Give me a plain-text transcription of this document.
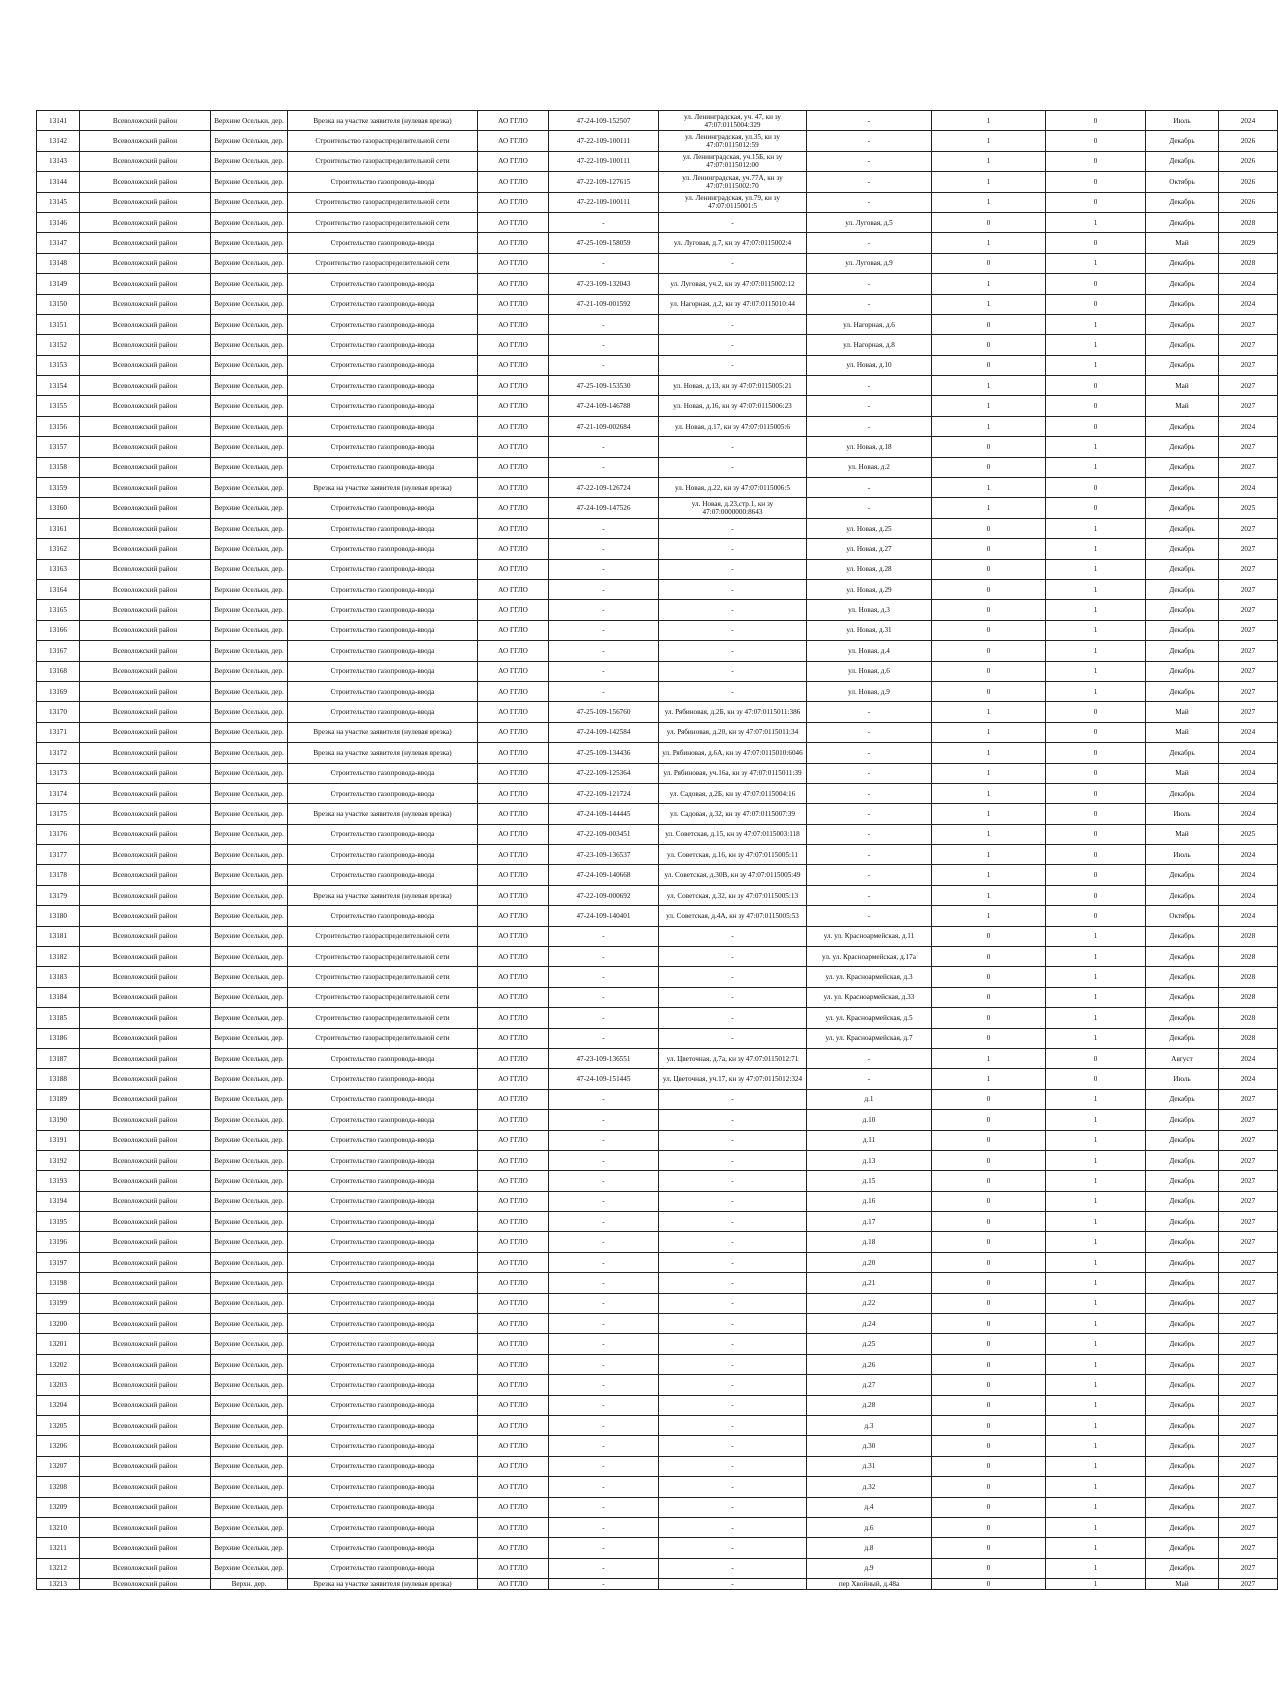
13141	Всеволожский район	Верхние Осельки, дер.	Врезка на участке заявителя (нулевая врезка)	АО ГГЛО	47-24-109-152507	ул. Ленинградская, уч. 47, кн зу 47:07:0115004:329	-	1	0	Июль	2024
13142	Всеволожский район	Верхние Осельки, дер.	Строительство газораспределительной сети	АО ГГЛО	47-22-109-100111	ул. Ленинградская, ул.35, кн зу 47:07:0115012:59	-	1	0	Декабрь	2026
13143	Всеволожский район	Верхние Осельки, дер.	Строительство газораспределительной сети	АО ГГЛО	47-22-109-100111	ул. Ленинградская, уч.15Б, кн зу 47:07:0115012:00	-	1	0	Декабрь	2026
13144	Всеволожский район	Верхние Осельки, дер.	Строительство газопровода-ввода	АО ГГЛО	47-22-109-127615	ул. Ленинградская, уч.77А, кн зу 47:07:0115002:70	-	1	0	Октябрь	2026
13145	Всеволожский район	Верхние Осельки, дер.	Строительство газораспределительной сети	АО ГГЛО	47-22-109-100111	ул. Ленинградская, ул.79, кн зу 47:07:0115001:5	-	1	0	Декабрь	2026
13146	Всеволожский район	Верхние Осельки, дер.	Строительство газораспределительной сети	АО ГГЛО	-	-	ул. Луговая, д.5	0	1	Декабрь	2028
13147	Всеволожский район	Верхние Осельки, дер.	Строительство газопровода-ввода	АО ГГЛО	47-25-109-158059	ул. Луговая, д.7, кн зу 47:07:0115002:4	-	1	0	Май	2029
13148	Всеволожский район	Верхние Осельки, дер.	Строительство газораспределительной сети	АО ГГЛО	-	-	ул. Луговая, д.9	0	1	Декабрь	2028
13149	Всеволожский район	Верхние Осельки, дер.	Строительство газопровода-ввода	АО ГГЛО	47-23-109-132043	ул. Луговая, уч.2, кн зу 47:07:0115002:12	-	1	0	Декабрь	2024
13150	Всеволожский район	Верхние Осельки, дер.	Строительство газопровода-ввода	АО ГГЛО	47-21-109-001592	ул. Нагорная, д.2, кн зу 47:07:0115010:44	-	1	0	Декабрь	2024
13151	Всеволожский район	Верхние Осельки, дер.	Строительство газопровода-ввода	АО ГГЛО	-	-	ул. Нагорная, д.6	0	1	Декабрь	2027
13152	Всеволожский район	Верхние Осельки, дер.	Строительство газопровода-ввода	АО ГГЛО	-	-	ул. Нагорная, д.8	0	1	Декабрь	2027
13153	Всеволожский район	Верхние Осельки, дер.	Строительство газопровода-ввода	АО ГГЛО	-	-	ул. Новая, д.10	0	1	Декабрь	2027
13154	Всеволожский район	Верхние Осельки, дер.	Строительство газопровода-ввода	АО ГГЛО	47-25-109-153530	ул. Новая, д.13, кн зу 47:07:0115005:21	-	1	0	Май	2027
13155	Всеволожский район	Верхние Осельки, дер.	Строительство газопровода-ввода	АО ГГЛО	47-24-109-146788	ул. Новая, д.16, кн зу 47:07:0115006:23	-	1	0	Май	2027
13156	Всеволожский район	Верхние Осельки, дер.	Строительство газопровода-ввода	АО ГГЛО	47-21-109-002684	ул. Новая, д.17, кн зу 47:07:0115005:6	-	1	0	Декабрь	2024
13157	Всеволожский район	Верхние Осельки, дер.	Строительство газопровода-ввода	АО ГГЛО	-	-	ул. Новая, д.18	0	1	Декабрь	2027
13158	Всеволожский район	Верхние Осельки, дер.	Строительство газопровода-ввода	АО ГГЛО	-	-	ул. Новая, д.2	0	1	Декабрь	2027
13159	Всеволожский район	Верхние Осельки, дер.	Врезка на участке заявителя (нулевая врезка)	АО ГГЛО	47-22-109-126724	ул. Новая, д.22, кн зу 47:07:0115006:5	-	1	0	Декабрь	2024
13160	Всеволожский район	Верхние Осельки, дер.	Строительство газопровода-ввода	АО ГГЛО	47-24-109-147526	ул. Новая, д.23,стр.1, кн зу 47:07:0000000:8643	-	1	0	Декабрь	2025
13161	Всеволожский район	Верхние Осельки, дер.	Строительство газопровода-ввода	АО ГГЛО	-	-	ул. Новая, д.25	0	1	Декабрь	2027
13162	Всеволожский район	Верхние Осельки, дер.	Строительство газопровода-ввода	АО ГГЛО	-	-	ул. Новая, д.27	0	1	Декабрь	2027
13163	Всеволожский район	Верхние Осельки, дер.	Строительство газопровода-ввода	АО ГГЛО	-	-	ул. Новая, д.28	0	1	Декабрь	2027
13164	Всеволожский район	Верхние Осельки, дер.	Строительство газопровода-ввода	АО ГГЛО	-	-	ул. Новая, д.29	0	1	Декабрь	2027
13165	Всеволожский район	Верхние Осельки, дер.	Строительство газопровода-ввода	АО ГГЛО	-	-	ул. Новая, д.3	0	1	Декабрь	2027
13166	Всеволожский район	Верхние Осельки, дер.	Строительство газопровода-ввода	АО ГГЛО	-	-	ул. Новая, д.31	0	1	Декабрь	2027
13167	Всеволожский район	Верхние Осельки, дер.	Строительство газопровода-ввода	АО ГГЛО	-	-	ул. Новая, д.4	0	1	Декабрь	2027
13168	Всеволожский район	Верхние Осельки, дер.	Строительство газопровода-ввода	АО ГГЛО	-	-	ул. Новая, д.6	0	1	Декабрь	2027
13169	Всеволожский район	Верхние Осельки, дер.	Строительство газопровода-ввода	АО ГГЛО	-	-	ул. Новая, д.9	0	1	Декабрь	2027
13170	Всеволожский район	Верхние Осельки, дер.	Строительство газопровода-ввода	АО ГГЛО	47-25-109-156760	ул. Рябиновая, д.2Б, кн зу 47:07:0115011:386	-	1	0	Май	2027
13171	Всеволожский район	Верхние Осельки, дер.	Врезка на участке заявителя (нулевая врезка)	АО ГГЛО	47-24-109-142584	ул. Рябиновая, д.20, кн зу 47:07:0115011:34	-	1	0	Май	2024
13172	Всеволожский район	Верхние Осельки, дер.	Врезка на участке заявителя (нулевая врезка)	АО ГГЛО	47-25-109-134436	ул. Рябиновая, д.6А, кн зу 47:07:0115010:6046	-	1	0	Декабрь	2024
13173	Всеволожский район	Верхние Осельки, дер.	Строительство газопровода-ввода	АО ГГЛО	47-22-109-125364	ул. Рябиновая, уч.16а, кн зу 47:07:0115011:39	-	1	0	Май	2024
13174	Всеволожский район	Верхние Осельки, дер.	Строительство газопровода-ввода	АО ГГЛО	47-22-109-121724	ул. Садовая, д.2Б, кн зу 47:07:0115004:16	-	1	0	Декабрь	2024
13175	Всеволожский район	Верхние Осельки, дер.	Врезка на участке заявителя (нулевая врезка)	АО ГГЛО	47-24-109-144445	ул. Садовая, д.32, кн зу 47:07:0115007:39	-	1	0	Июль	2024
13176	Всеволожский район	Верхние Осельки, дер.	Строительство газопровода-ввода	АО ГГЛО	47-22-109-003451	ул. Советская, д.15, кн зу 47:07:0115003:118	-	1	0	Май	2025
13177	Всеволожский район	Верхние Осельки, дер.	Строительство газопровода-ввода	АО ГГЛО	47-23-109-136537	ул. Советская, д.16, кн зу 47:07:0115005:11	-	1	0	Июль	2024
13178	Всеволожский район	Верхние Осельки, дер.	Строительство газопровода-ввода	АО ГГЛО	47-24-109-140668	ул. Советская, д.30В, кн зу 47:07:0115005:49	-	1	0	Декабрь	2024
13179	Всеволожский район	Верхние Осельки, дер.	Врезка на участке заявителя (нулевая врезка)	АО ГГЛО	47-22-109-000692	ул. Советская, д.32, кн зу 47:07:0115005:13	-	1	0	Декабрь	2024
13180	Всеволожский район	Верхние Осельки, дер.	Строительство газопровода-ввода	АО ГГЛО	47-24-109-140401	ул. Советская, д.4А, кн зу 47:07:0115005:53	-	1	0	Октябрь	2024
13181	Всеволожский район	Верхние Осельки, дер.	Строительство газораспределительной сети	АО ГГЛО	-	-	ул. ул. Красноармейская, д.11	0	1	Декабрь	2028
13182	Всеволожский район	Верхние Осельки, дер.	Строительство газораспределительной сети	АО ГГЛО	-	-	ул. ул. Красноармейская, д.17а	0	1	Декабрь	2028
13183	Всеволожский район	Верхние Осельки, дер.	Строительство газораспределительной сети	АО ГГЛО	-	-	ул. ул. Красноармейская, д.3	0	1	Декабрь	2028
13184	Всеволожский район	Верхние Осельки, дер.	Строительство газораспределительной сети	АО ГГЛО	-	-	ул. ул. Красноармейская, д.33	0	1	Декабрь	2028
13185	Всеволожский район	Верхние Осельки, дер.	Строительство газораспределительной сети	АО ГГЛО	-	-	ул. ул. Красноармейская, д.5	0	1	Декабрь	2028
13186	Всеволожский район	Верхние Осельки, дер.	Строительство газораспределительной сети	АО ГГЛО	-	-	ул. ул. Красноармейская, д.7	0	1	Декабрь	2028
13187	Всеволожский район	Верхние Осельки, дер.	Строительство газопровода-ввода	АО ГГЛО	47-23-109-136551	ул. Цветочная, д.7а, кн зу 47:07:0115012:71	-	1	0	Август	2024
13188	Всеволожский район	Верхние Осельки, дер.	Строительство газопровода-ввода	АО ГГЛО	47-24-109-151445	ул. Цветочная, уч.17, кн зу 47:07:0115012:324	-	1	0	Июль	2024
13189	Всеволожский район	Верхние Осельки, дер.	Строительство газопровода-ввода	АО ГГЛО	-	-	д.1	0	1	Декабрь	2027
13190	Всеволожский район	Верхние Осельки, дер.	Строительство газопровода-ввода	АО ГГЛО	-	-	д.10	0	1	Декабрь	2027
13191	Всеволожский район	Верхние Осельки, дер.	Строительство газопровода-ввода	АО ГГЛО	-	-	д.11	0	1	Декабрь	2027
13192	Всеволожский район	Верхние Осельки, дер.	Строительство газопровода-ввода	АО ГГЛО	-	-	д.13	0	1	Декабрь	2027
13193	Всеволожский район	Верхние Осельки, дер.	Строительство газопровода-ввода	АО ГГЛО	-	-	д.15	0	1	Декабрь	2027
13194	Всеволожский район	Верхние Осельки, дер.	Строительство газопровода-ввода	АО ГГЛО	-	-	д.16	0	1	Декабрь	2027
13195	Всеволожский район	Верхние Осельки, дер.	Строительство газопровода-ввода	АО ГГЛО	-	-	д.17	0	1	Декабрь	2027
13196	Всеволожский район	Верхние Осельки, дер.	Строительство газопровода-ввода	АО ГГЛО	-	-	д.18	0	1	Декабрь	2027
13197	Всеволожский район	Верхние Осельки, дер.	Строительство газопровода-ввода	АО ГГЛО	-	-	д.20	0	1	Декабрь	2027
13198	Всеволожский район	Верхние Осельки, дер.	Строительство газопровода-ввода	АО ГГЛО	-	-	д.21	0	1	Декабрь	2027
13199	Всеволожский район	Верхние Осельки, дер.	Строительство газопровода-ввода	АО ГГЛО	-	-	д.22	0	1	Декабрь	2027
13200	Всеволожский район	Верхние Осельки, дер.	Строительство газопровода-ввода	АО ГГЛО	-	-	д.24	0	1	Декабрь	2027
13201	Всеволожский район	Верхние Осельки, дер.	Строительство газопровода-ввода	АО ГГЛО	-	-	д.25	0	1	Декабрь	2027
13202	Всеволожский район	Верхние Осельки, дер.	Строительство газопровода-ввода	АО ГГЛО	-	-	д.26	0	1	Декабрь	2027
13203	Всеволожский район	Верхние Осельки, дер.	Строительство газопровода-ввода	АО ГГЛО	-	-	д.27	0	1	Декабрь	2027
13204	Всеволожский район	Верхние Осельки, дер.	Строительство газопровода-ввода	АО ГГЛО	-	-	д.28	0	1	Декабрь	2027
13205	Всеволожский район	Верхние Осельки, дер.	Строительство газопровода-ввода	АО ГГЛО	-	-	д.3	0	1	Декабрь	2027
13206	Всеволожский район	Верхние Осельки, дер.	Строительство газопровода-ввода	АО ГГЛО	-	-	д.30	0	1	Декабрь	2027
13207	Всеволожский район	Верхние Осельки, дер.	Строительство газопровода-ввода	АО ГГЛО	-	-	д.31	0	1	Декабрь	2027
13208	Всеволожский район	Верхние Осельки, дер.	Строительство газопровода-ввода	АО ГГЛО	-	-	д.32	0	1	Декабрь	2027
13209	Всеволожский район	Верхние Осельки, дер.	Строительство газопровода-ввода	АО ГГЛО	-	-	д.4	0	1	Декабрь	2027
13210	Всеволожский район	Верхние Осельки, дер.	Строительство газопровода-ввода	АО ГГЛО	-	-	д.6	0	1	Декабрь	2027
13211	Всеволожский район	Верхние Осельки, дер.	Строительство газопровода-ввода	АО ГГЛО	-	-	д.8	0	1	Декабрь	2027
13212	Всеволожский район	Верхние Осельки, дер.	Строительство газопровода-ввода	АО ГГЛО	-	-	д.9	0	1	Декабрь	2027
13213	Всеволожский район	Верхн. дер.	Врезка на участке заявителя (нулевая врезка)	АО ГГЛО	-	-	пер Хвойный, д.48а	0	1	Май	2027
